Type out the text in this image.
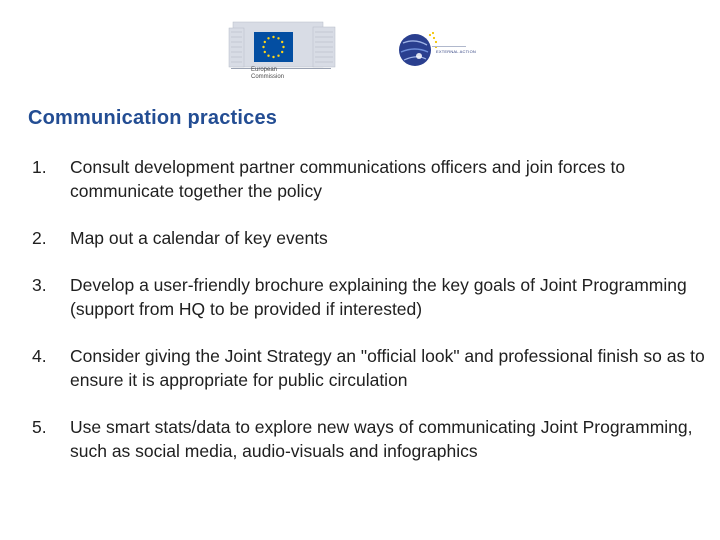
European
Commission
EXTERNAL ACTION
Communication practices
1. Consult development partner communications officers and join forces to communicate together the policy
2. Map out a calendar of key events
3. Develop a user-friendly brochure explaining the key goals of Joint Programming (support from HQ to be provided if interested)
4. Consider giving the Joint Strategy an "official look" and professional finish so as to ensure it is appropriate for public circulation
5. Use smart stats/data to explore new ways of communicating Joint Programming, such as social media, audio-visuals and infographics
